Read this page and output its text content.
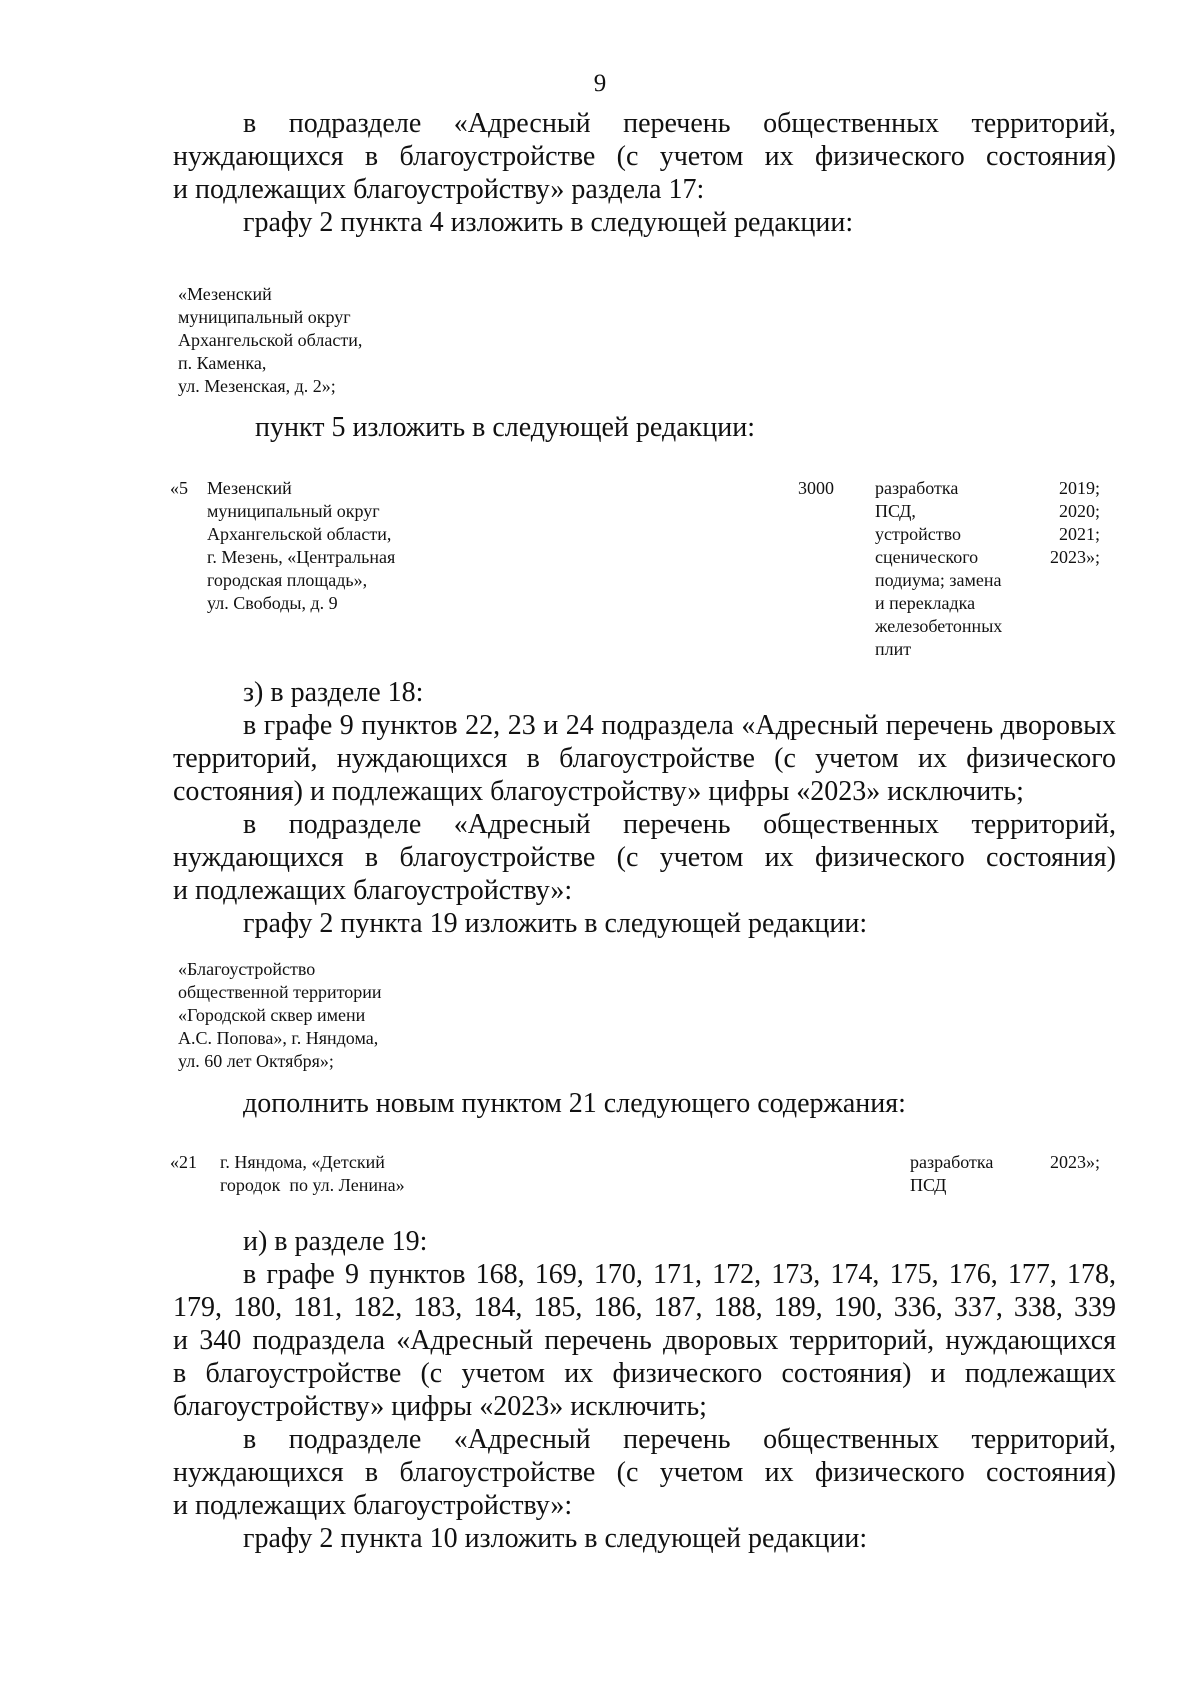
9

в подразделе «Адресный перечень общественных территорий,

нуждающихся в благоустройстве (с учетом их физического состояния)

и подлежащих благоустройству» раздела 17:

графу 2 пункта 4 изложить в следующей редакции:

«Мезенский
муниципальный округ
Архангельской области,
п. Каменка,
ул. Мезенская, д. 2»;
пункт 5 изложить в следующей редакции:
«5 Мезенский
муниципальный округ
Архангельской области,
г. Мезень, «Центральная
городская площадь»,
ул. Свободы, д. 9
3000 разработка
ПСД,
устройство
сценического
подиума; замена
и перекладка
железобетонных
плит
2019;
2020;
2021;
2023»;

з) в разделе 18:

в графе 9 пунктов 22, 23 и 24 подраздела «Адресный перечень дворовых

территорий, нуждающихся в благоустройстве (с учетом их физического

состояния) и подлежащих благоустройству» цифры «2023» исключить;

в подразделе «Адресный перечень общественных территорий,

нуждающихся в благоустройстве (с учетом их физического состояния)

и подлежащих благоустройству»:

графу 2 пункта 19 изложить в следующей редакции:

«Благоустройство
общественной территории
«Городской сквер имени
А.С. Попова», г. Няндома,
ул. 60 лет Октября»;
дополнить новым пунктом 21 следующего содержания:
«21 г. Няндома, «Детский
городок  по ул. Ленина»
разработка
ПСД
2023»;

и) в разделе 19:

в графе 9 пунктов 168, 169, 170, 171, 172, 173, 174, 175, 176, 177, 178,

179, 180, 181, 182, 183, 184, 185, 186, 187, 188, 189, 190, 336, 337, 338, 339

и 340 подраздела «Адресный перечень дворовых территорий, нуждающихся

в благоустройстве (с учетом их физического состояния) и подлежащих

благоустройству» цифры «2023» исключить;

в подразделе «Адресный перечень общественных территорий,

нуждающихся в благоустройстве (с учетом их физического состояния)

и подлежащих благоустройству»:

графу 2 пункта 10 изложить в следующей редакции:
